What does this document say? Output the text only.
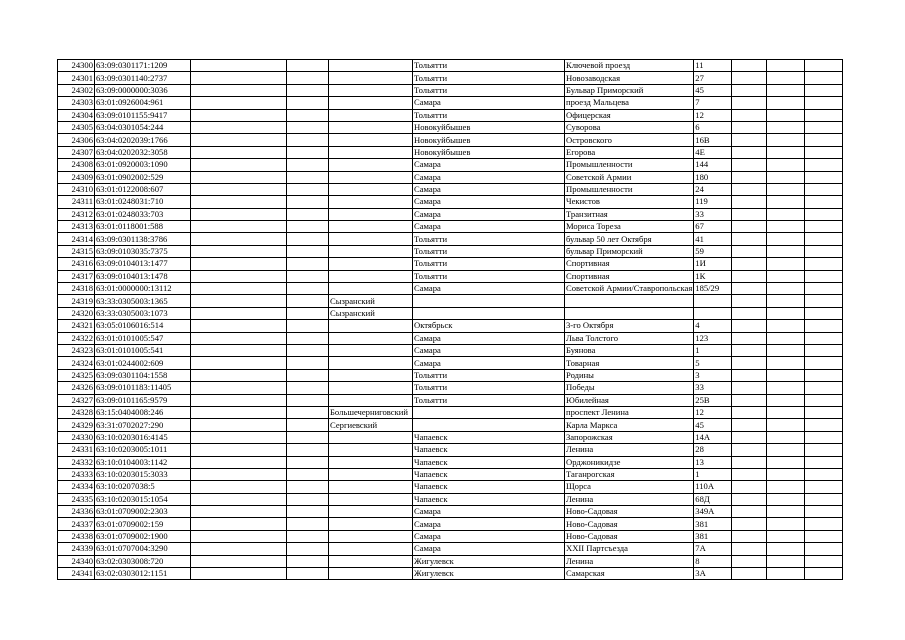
24300	63:09:0301171:1209				Тольятти	Ключевой проезд	11			
24301	63:09:0301140:2737				Тольятти	Новозаводская	27			
24302	63:09:0000000:3036				Тольятти	Бульвар Приморский	45			
24303	63:01:0926004:961				Самара	проезд Мальцева	7			
24304	63:09:0101155:9417				Тольятти	Офицерская	12			
24305	63:04:0301054:244				Новокуйбышев	Суворова	6			
24306	63:04:0202039:1766				Новокуйбышев	Островского	16В			
24307	63:04:0202032:3058				Новокуйбышев	Егорова	4Е			
24308	63:01:0920003:1090				Самара	Промышленности	144			
24309	63:01:0902002:529				Самара	Советской Армии	180			
24310	63:01:0122008:607				Самара	Промышленности	24			
24311	63:01:0248031:710				Самара	Чекистов	119			
24312	63:01:0248033:703				Самара	Транзитная	33			
24313	63:01:0118001:588				Самара	Мориса Тореза	67			
24314	63:09:0301138:3786				Тольятти	бульвар 50 лет Октября	41			
24315	63:09:0103035:7375				Тольятти	бульвар Приморский	59			
24316	63:09:0104013:1477				Тольятти	Спортивная	1И			
24317	63:09:0104013:1478				Тольятти	Спортивная	1К			
24318	63:01:0000000:13112				Самара	Советской Армии/Ставропольская	185/29			
24319	63:33:0305003:1365			Сызранский						
24320	63:33:0305003:1073			Сызранский						
24321	63:05:0106016:514				Октябрьск	3-го Октября	4			
24322	63:01:0101005:547				Самара	Льва Толстого	123			
24323	63:01:0101005:541				Самара	Буянова	1			
24324	63:01:0244002:609				Самара	Товарная	5			
24325	63:09:0301104:1558				Тольятти	Родины	3			
24326	63:09:0101183:11405				Тольятти	Победы	33			
24327	63:09:0101165:9579				Тольятти	Юбилейная	25В			
24328	63:15:0404008:246			Большечерниговский		проспект Ленина	12			
24329	63:31:0702027:290			Сергиевский		Карла Маркса	45			
24330	63:10:0203016:4145				Чапаевск	Запорожская	14А			
24331	63:10:0203005:1011				Чапаевск	Ленина	28			
24332	63:10:0104003:1142				Чапаевск	Орджоникидзе	13			
24333	63:10:0203015:3033				Чапаевск	Таганрогская	1			
24334	63:10:0207038:5				Чапаевск	Щорса	110А			
24335	63:10:0203015:1054				Чапаевск	Ленина	68Д			
24336	63:01:0709002:2303				Самара	Ново-Садовая	349А			
24337	63:01:0709002:159				Самара	Ново-Садовая	381			
24338	63:01:0709002:1900				Самара	Ново-Садовая	381			
24339	63:01:0707004:3290				Самара	XXII Партсъезда	7А			
24340	63:02:0303008:720				Жигулевск	Ленина	8			
24341	63:02:0303012:1151				Жигулевск	Самарская	3А			
